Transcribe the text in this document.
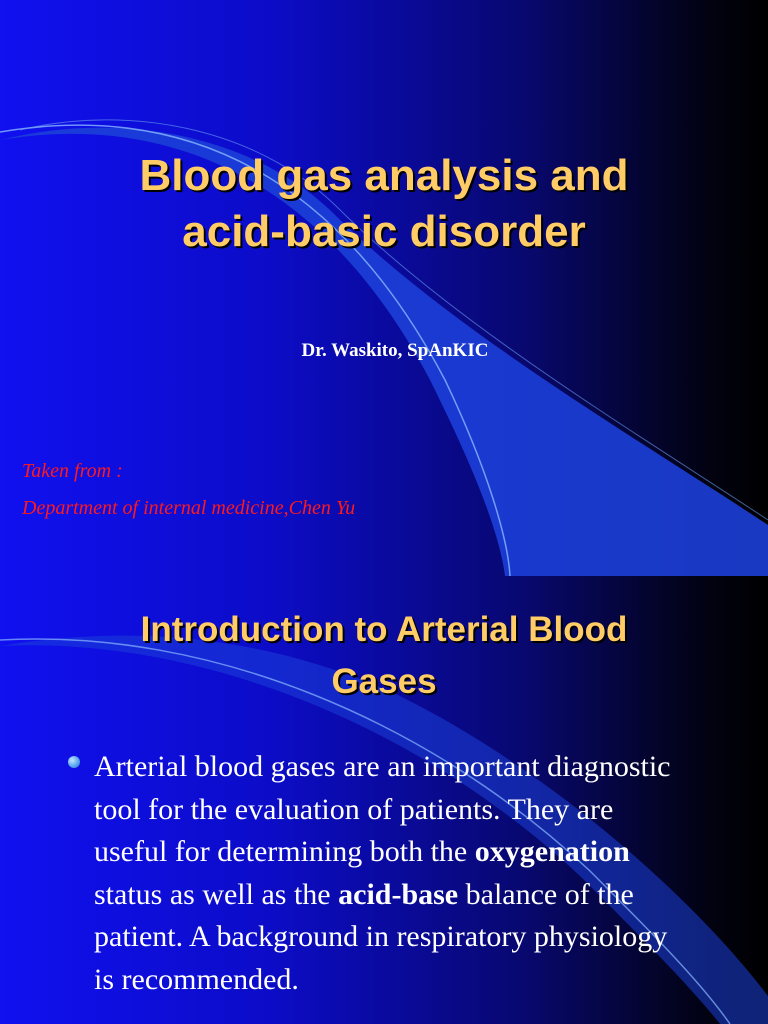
Blood gas analysis and
acid-basic disorder
Dr. Waskito, SpAnKIC
Taken from :
Department of internal medicine,Chen Yu
Introduction to Arterial Blood
Gases
Arterial blood gases are an important diagnostic tool for the evaluation of patients. They are useful for determining both the oxygenation status as well as the acid-base balance of the patient. A background in respiratory physiology is recommended.
